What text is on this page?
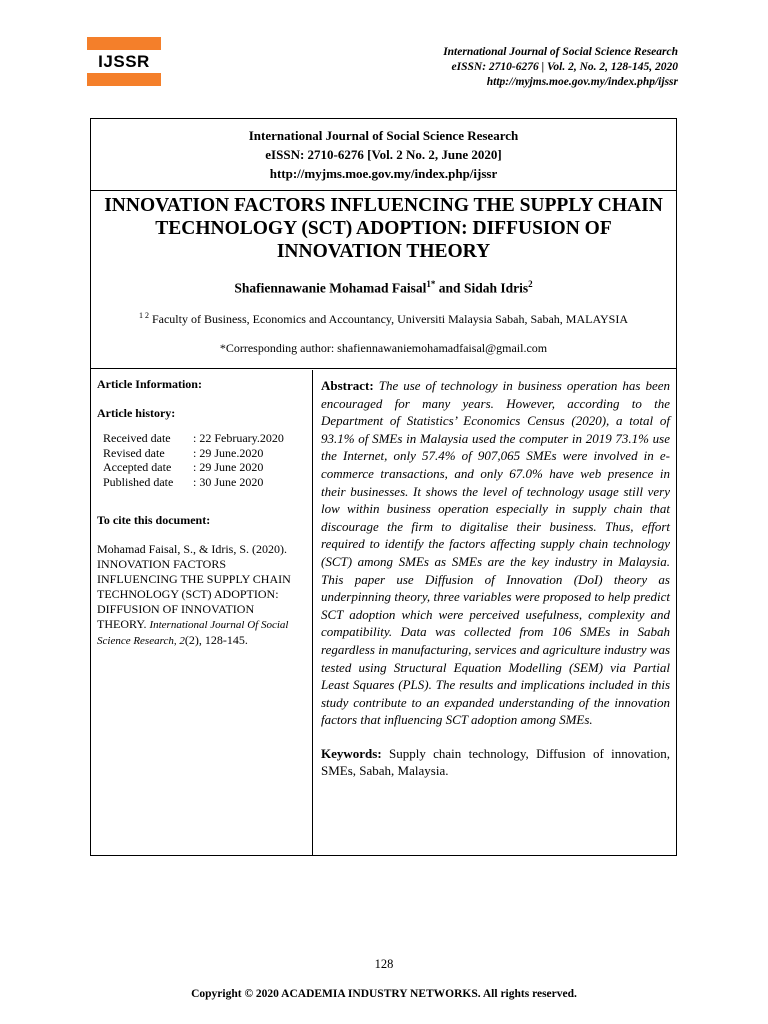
IJSSR	International Journal of Social Science Research
eISSN: 2710-6276 | Vol. 2, No. 2, 128-145, 2020
http://myjms.moe.gov.my/index.php/ijssr
International Journal of Social Science Research
eISSN: 2710-6276 [Vol. 2 No. 2, June 2020]
http://myjms.moe.gov.my/index.php/ijssr
INNOVATION FACTORS INFLUENCING THE SUPPLY CHAIN TECHNOLOGY (SCT) ADOPTION: DIFFUSION OF INNOVATION THEORY
Shafiennawanie Mohamad Faisal$^{1*}$ and Sidah Idris$^2$
$^{1 2}$ Faculty of Business, Economics and Accountancy, Universiti Malaysia Sabah, Sabah, MALAYSIA
*Corresponding author: shafiennawaniemohamadfaisal@gmail.com
Article Information:
Article history:
Received date	: 22 February.2020
Revised date	: 29 June.2020
Accepted date	: 29 June 2020
Published date	: 30 June 2020
To cite this document:
Mohamad Faisal, S., & Idris, S. (2020). INNOVATION FACTORS INFLUENCING THE SUPPLY CHAIN TECHNOLOGY (SCT) ADOPTION: DIFFUSION OF INNOVATION THEORY. International Journal Of Social Science Research, 2(2), 128-145.
Abstract: The use of technology in business operation has been encouraged for many years. However, according to the Department of Statistics’ Economics Census (2020), a total of 93.1% of SMEs in Malaysia used the computer in 2019 73.1% use the Internet, only 57.4% of 907,065 SMEs were involved in e-commerce transactions, and only 67.0% have web presence in their businesses. It shows the level of technology usage still very low within business operation especially in supply chain that discourage the firm to digitalise their business. Thus, effort required to identify the factors affecting supply chain technology (SCT) among SMEs as SMEs are the key industry in Malaysia. This paper use Diffusion of Innovation (DoI) theory as underpinning theory, three variables were proposed to help predict SCT adoption which were perceived usefulness, complexity and compatibility. Data was collected from 106 SMEs in Sabah regardless in manufacturing, services and agriculture industry was tested using Structural Equation Modelling (SEM) via Partial Least Squares (PLS). The results and implications included in this study contribute to an expanded understanding of the innovation factors that influencing SCT adoption among SMEs.
Keywords: Supply chain technology, Diffusion of innovation, SMEs, Sabah, Malaysia.
128
Copyright © 2020 ACADEMIA INDUSTRY NETWORKS. All rights reserved.
